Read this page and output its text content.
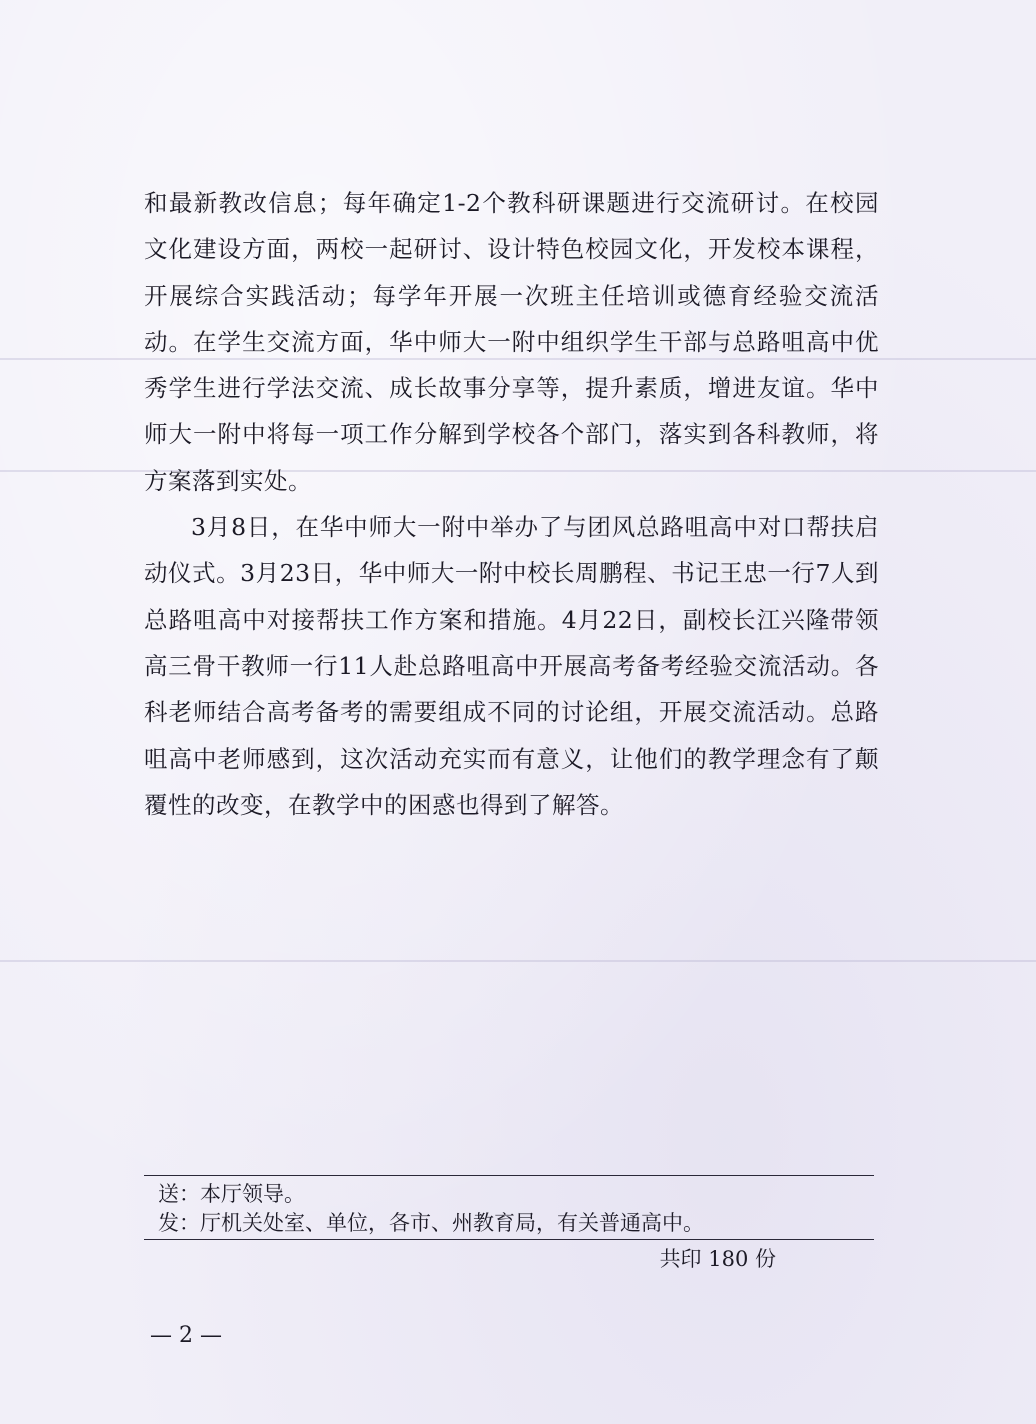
和最新教改信息；每年确定1-2个教科研课题进行交流研讨。在校园文化建设方面，两校一起研讨、设计特色校园文化，开发校本课程，开展综合实践活动；每学年开展一次班主任培训或德育经验交流活动。在学生交流方面，华中师大一附中组织学生干部与总路咀高中优秀学生进行学法交流、成长故事分享等，提升素质，增进友谊。华中师大一附中将每一项工作分解到学校各个部门，落实到各科教师，将方案落到实处。

3月8日，在华中师大一附中举办了与团风总路咀高中对口帮扶启动仪式。3月23日，华中师大一附中校长周鹏程、书记王忠一行7人到总路咀高中对接帮扶工作方案和措施。4月22日，副校长江兴隆带领高三骨干教师一行11人赴总路咀高中开展高考备考经验交流活动。各科老师结合高考备考的需要组成不同的讨论组，开展交流活动。总路咀高中老师感到，这次活动充实而有意义，让他们的教学理念有了颠覆性的改变，在教学中的困惑也得到了解答。

送：本厅领导。
发：厅机关处室、单位，各市、州教育局，有关普通高中。
共印 180 份
— 2 —
